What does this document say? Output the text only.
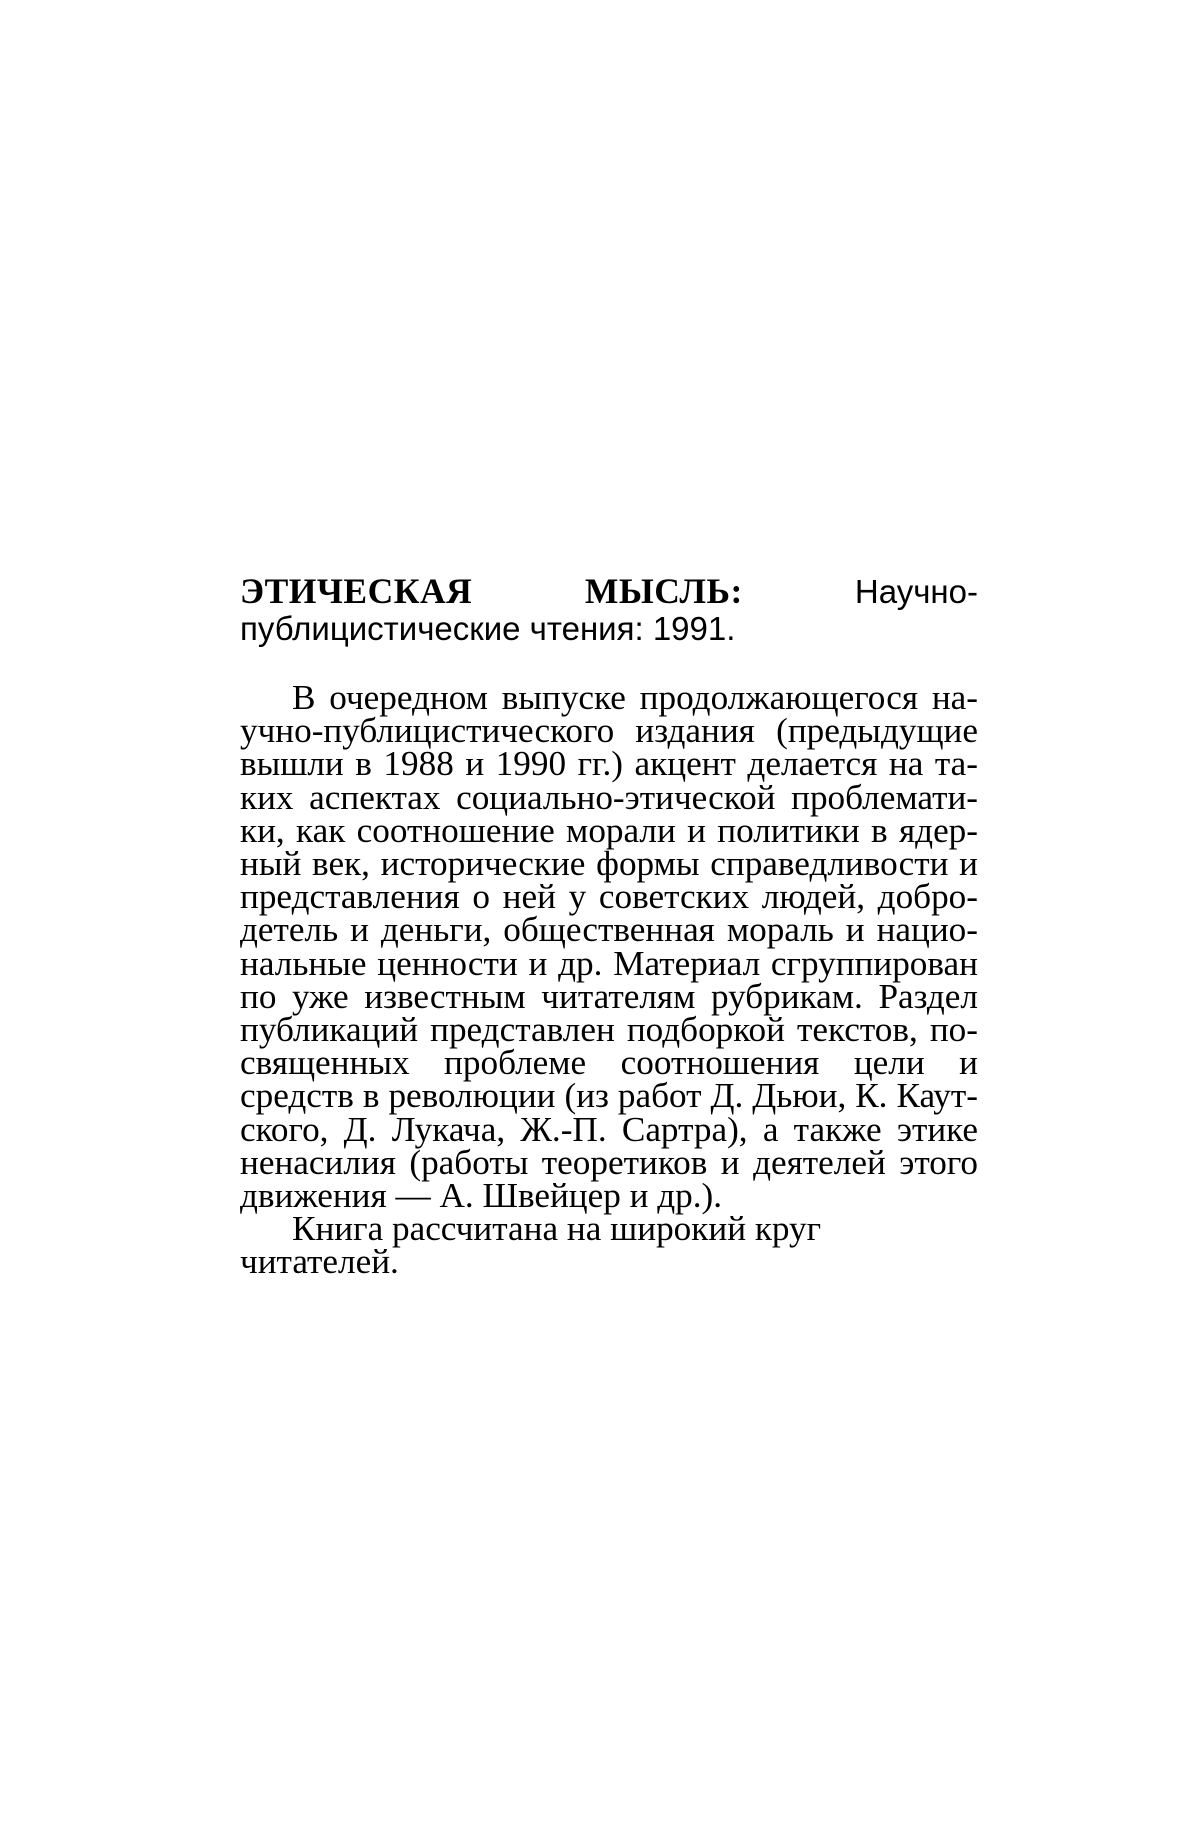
ЭТИЧЕСКАЯ МЫСЛЬ:	Научно-публицистические чтения: 1991.

В очередном выпуске продолжающегося научно-публицистического издания (предыдущие вышли в 1988 и 1990 гг.) акцент делается на таких аспектах социально-этической проблематики, как соотношение морали и политики в ядерный век, исторические формы справедливости и представления о ней у советских людей, добродетель и деньги, общественная мораль и национальные ценности и др. Материал сгруппирован по уже известным читателям рубрикам. Раздел публикаций представлен подборкой текстов, посвященных проблеме соотношения цели и средств в революции (из работ Д. Дьюи, К. Каутского, Д. Лукача, Ж.-П. Сартра), а также этике ненасилия (работы теоретиков и деятелей этого движения — А. Швейцер и др.).

Книга рассчитана на широкий круг читателей.
